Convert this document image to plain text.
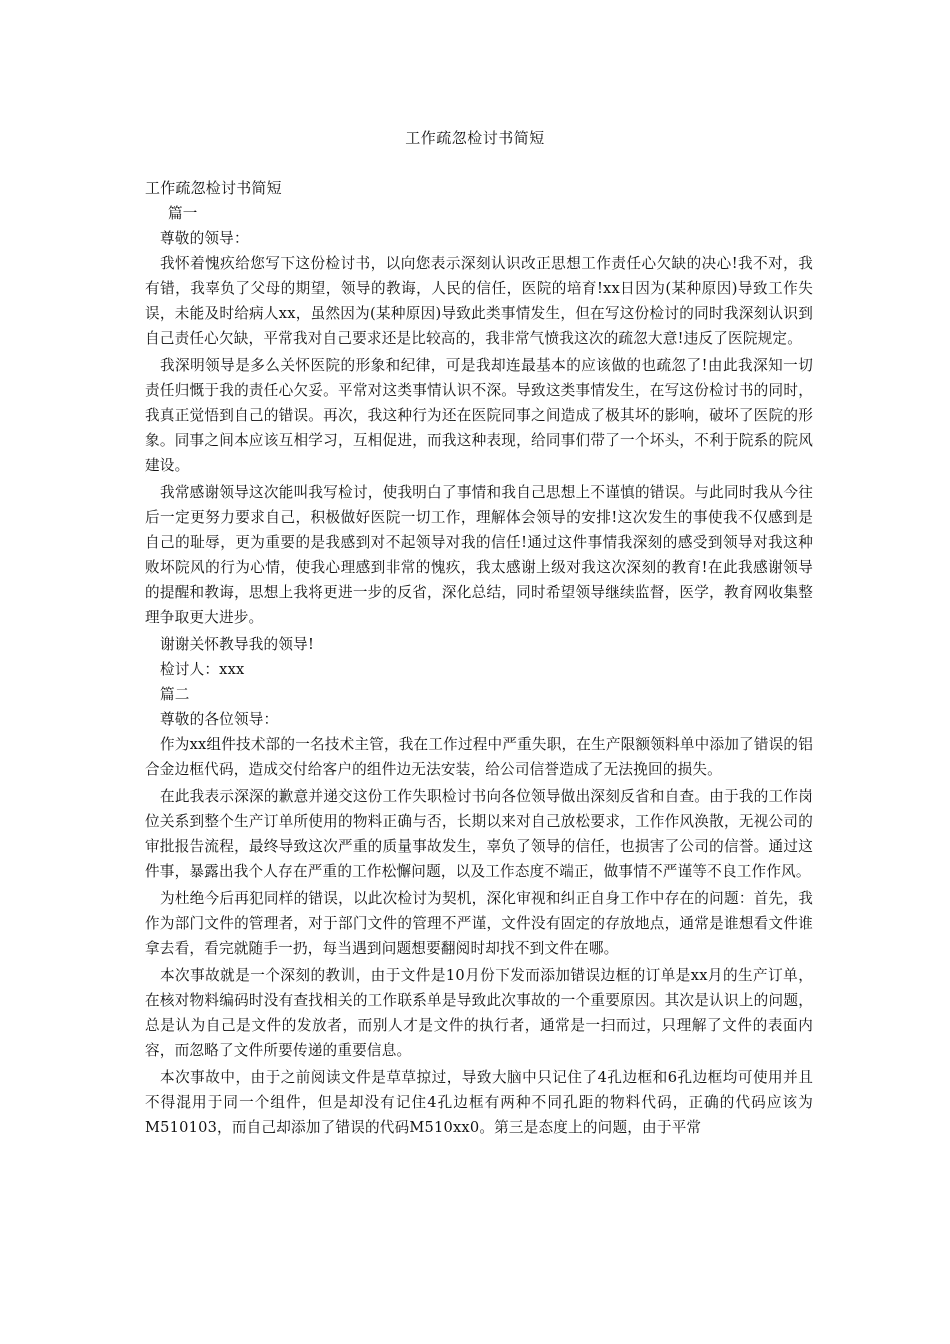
工作疏忽检讨书简短

工作疏忽检讨书简短

篇一

尊敬的领导：

我怀着愧疚给您写下这份检讨书，以向您表示深刻认识改正思想工作责任心欠缺的决心!我不对，我有错，我辜负了父母的期望，领导的教诲，人民的信任，医院的培育!xx日因为(某种原因)导致工作失误，未能及时给病人xx，虽然因为(某种原因)导致此类事情发生，但在写这份检讨的同时我深刻认识到自己责任心欠缺，平常我对自己要求还是比较高的，我非常气愤我这次的疏忽大意!违反了医院规定。

我深明领导是多么关怀医院的形象和纪律，可是我却连最基本的应该做的也疏忽了!由此我深知一切责任归慨于我的责任心欠妥。平常对这类事情认识不深。导致这类事情发生，在写这份检讨书的同时，我真正觉悟到自己的错误。再次，我这种行为还在医院同事之间造成了极其坏的影响，破坏了医院的形象。同事之间本应该互相学习，互相促进，而我这种表现，给同事们带了一个坏头，不利于院系的院风建设。

我常感谢领导这次能叫我写检讨，使我明白了事情和我自己思想上不谨慎的错误。与此同时我从今往后一定更努力要求自己，积极做好医院一切工作，理解体会领导的安排!这次发生的事使我不仅感到是自己的耻辱，更为重要的是我感到对不起领导对我的信任!通过这件事情我深刻的感受到领导对我这种败坏院风的行为心情，使我心理感到非常的愧疚，我太感谢上级对我这次深刻的教育!在此我感谢领导的提醒和教诲，思想上我将更进一步的反省，深化总结，同时希望领导继续监督，医学，教育网收集整理争取更大进步。

谢谢关怀教导我的领导!

检讨人：xxx

篇二

尊敬的各位领导：

作为xx组件技术部的一名技术主管，我在工作过程中严重失职，在生产限额领料单中添加了错误的铝合金边框代码，造成交付给客户的组件边无法安装，给公司信誉造成了无法挽回的损失。

在此我表示深深的歉意并递交这份工作失职检讨书向各位领导做出深刻反省和自查。由于我的工作岗位关系到整个生产订单所使用的物料正确与否，长期以来对自己放松要求，工作作风涣散，无视公司的审批报告流程，最终导致这次严重的质量事故发生，辜负了领导的信任，也损害了公司的信誉。通过这件事，暴露出我个人存在严重的工作松懈问题，以及工作态度不端正，做事情不严谨等不良工作作风。

为杜绝今后再犯同样的错误，以此次检讨为契机，深化审视和纠正自身工作中存在的问题：首先，我作为部门文件的管理者，对于部门文件的管理不严谨，文件没有固定的存放地点，通常是谁想看文件谁拿去看，看完就随手一扔，每当遇到问题想要翻阅时却找不到文件在哪。

本次事故就是一个深刻的教训，由于文件是10月份下发而添加错误边框的订单是xx月的生产订单，在核对物料编码时没有查找相关的工作联系单是导致此次事故的一个重要原因。其次是认识上的问题，总是认为自己是文件的发放者，而别人才是文件的执行者，通常是一扫而过，只理解了文件的表面内容，而忽略了文件所要传递的重要信息。

本次事故中，由于之前阅读文件是草草掠过，导致大脑中只记住了4孔边框和6孔边框均可使用并且不得混用于同一个组件，但是却没有记住4孔边框有两种不同孔距的物料代码，正确的代码应该为M510103，而自己却添加了错误的代码M510xx0。第三是态度上的问题，由于平常
